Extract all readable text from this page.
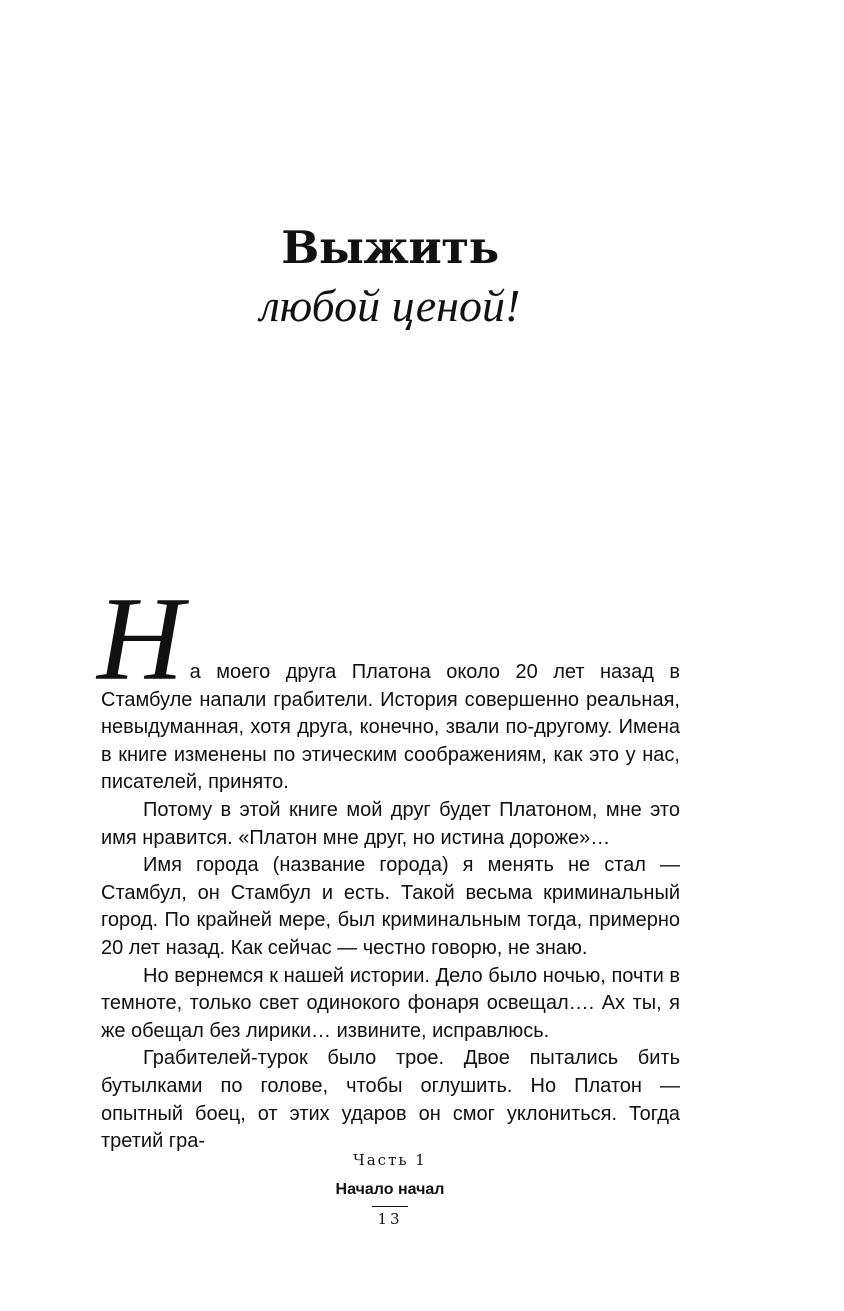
Выжить
любой ценой!

На моего друга Платона около 20 лет назад в Стамбуле напали грабители. История совершенно реальная, невыдуманная, хотя друга, конечно, звали по-другому. Имена в книге изменены по этическим соображениям, как это у нас, писателей, принято.

Потому в этой книге мой друг будет Платоном, мне это имя нравится. «Платон мне друг, но истина дороже»…

Имя города (название города) я менять не стал — Стамбул, он Стамбул и есть. Такой весьма криминальный город. По крайней мере, был криминальным тогда, примерно 20 лет назад. Как сейчас — честно говорю, не знаю.

Но вернемся к нашей истории. Дело было ночью, почти в темноте, только свет одинокого фонаря освещал…. Ах ты, я же обещал без лирики… извините, исправлюсь.

Грабителей-турок было трое. Двое пытались бить бутылками по голове, чтобы оглушить. Но Платон — опытный боец, от этих ударов он смог уклониться. Тогда третий гра-

Часть 1
Начало начал
13
